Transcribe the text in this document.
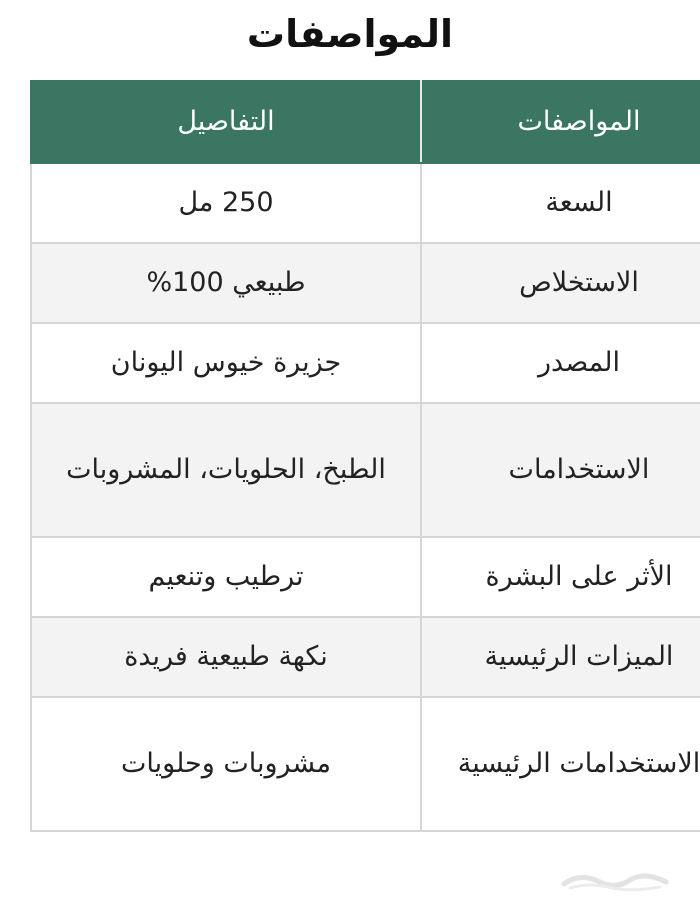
المواصفات
المواصفات	التفاصيل
السعة	250 مل
الاستخلاص	طبيعي 100%
المصدر	جزيرة خيوس اليونان
الاستخدامات	الطبخ، الحلويات، المشروبات
الأثر على البشرة	ترطيب وتنعيم
الميزات الرئيسية	نكهة طبيعية فريدة
الاستخدامات الرئيسية	مشروبات وحلويات
